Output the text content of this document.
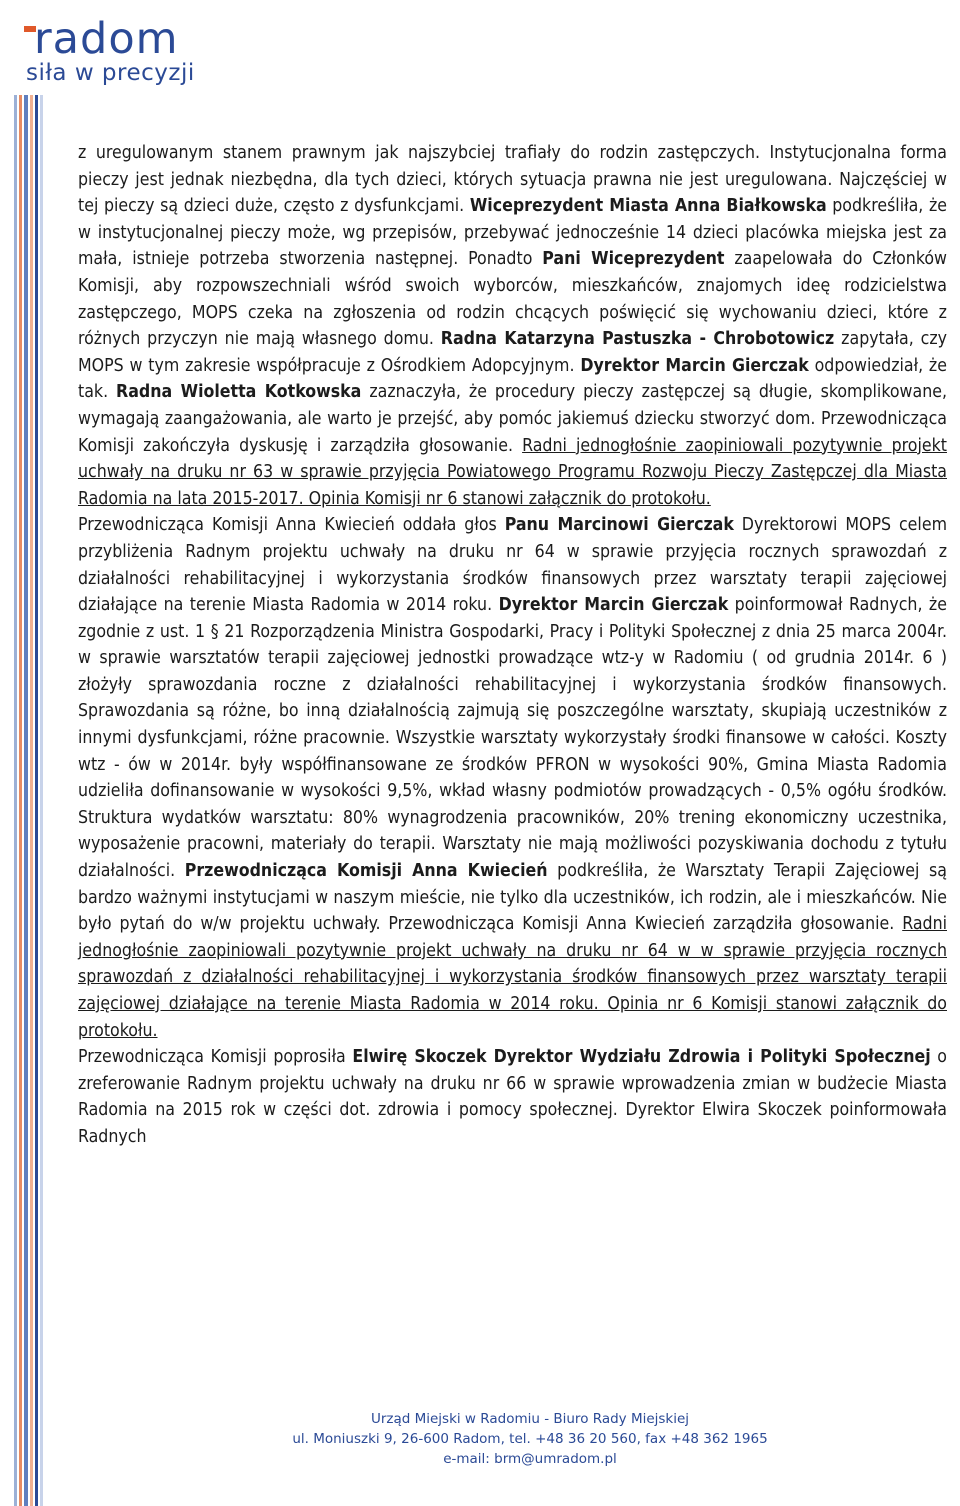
radom
siła w precyzji

z uregulowanym stanem prawnym jak najszybciej trafiały do rodzin zastępczych. Instytucjonalna forma pieczy jest jednak niezbędna, dla tych dzieci, których sytuacja prawna nie jest uregulowana. Najczęściej w tej pieczy są dzieci duże, często z dysfunkcjami. Wiceprezydent Miasta Anna Białkowska podkreśliła, że w instytucjonalnej pieczy może, wg przepisów, przebywać jednocześnie 14 dzieci placówka miejska jest za mała, istnieje potrzeba stworzenia następnej. Ponadto Pani Wiceprezydent zaapelowała do Członków Komisji, aby rozpowszechniali wśród swoich wyborców, mieszkańców, znajomych ideę rodzicielstwa zastępczego, MOPS czeka na zgłoszenia od rodzin chcących poświęcić się wychowaniu dzieci, które z różnych przyczyn nie mają własnego domu. Radna Katarzyna Pastuszka - Chrobotowicz zapytała, czy MOPS w tym zakresie współpracuje z Ośrodkiem Adopcyjnym. Dyrektor Marcin Gierczak odpowiedział, że tak. Radna Wioletta Kotkowska zaznaczyła, że procedury pieczy zastępczej są długie, skomplikowane, wymagają zaangażowania, ale warto je przejść, aby pomóc jakiemuś dziecku stworzyć dom. Przewodnicząca Komisji zakończyła dyskusję i zarządziła głosowanie. Radni jednogłośnie zaopiniowali pozytywnie projekt uchwały na druku nr 63 w sprawie przyjęcia Powiatowego Programu Rozwoju Pieczy Zastępczej dla Miasta Radomia na lata 2015-2017. Opinia Komisji nr 6 stanowi załącznik do protokołu.

Przewodnicząca Komisji Anna Kwiecień oddała głos Panu Marcinowi Gierczak Dyrektorowi MOPS celem przybliżenia Radnym projektu uchwały na druku nr 64 w sprawie przyjęcia rocznych sprawozdań z działalności rehabilitacyjnej i wykorzystania środków finansowych przez warsztaty terapii zajęciowej działające na terenie Miasta Radomia w 2014 roku. Dyrektor Marcin Gierczak poinformował Radnych, że zgodnie z ust. 1 § 21 Rozporządzenia Ministra Gospodarki, Pracy i Polityki Społecznej z dnia 25 marca 2004r. w sprawie warsztatów terapii zajęciowej jednostki prowadzące wtz-y w Radomiu ( od grudnia 2014r. 6 ) złożyły sprawozdania roczne z działalności rehabilitacyjnej i wykorzystania środków finansowych. Sprawozdania są różne, bo inną działalnością zajmują się poszczególne warsztaty, skupiają uczestników z innymi dysfunkcjami, różne pracownie. Wszystkie warsztaty wykorzystały środki finansowe w całości. Koszty wtz - ów w 2014r. były współfinansowane ze środków PFRON w wysokości 90%, Gmina Miasta Radomia udzieliła dofinansowanie w wysokości 9,5%, wkład własny podmiotów prowadzących - 0,5% ogółu środków. Struktura wydatków warsztatu: 80% wynagrodzenia pracowników, 20% trening ekonomiczny uczestnika, wyposażenie pracowni, materiały do terapii. Warsztaty nie mają możliwości pozyskiwania dochodu z tytułu działalności. Przewodnicząca Komisji Anna Kwiecień podkreśliła, że Warsztaty Terapii Zajęciowej są bardzo ważnymi instytucjami w naszym mieście, nie tylko dla uczestników, ich rodzin, ale i mieszkańców. Nie było pytań do w/w projektu uchwały. Przewodnicząca Komisji Anna Kwiecień zarządziła głosowanie. Radni jednogłośnie zaopiniowali pozytywnie projekt uchwały na druku nr 64 w w sprawie przyjęcia rocznych sprawozdań z działalności rehabilitacyjnej i wykorzystania środków finansowych przez warsztaty terapii zajęciowej działające na terenie Miasta Radomia w 2014 roku. Opinia nr 6 Komisji stanowi załącznik do protokołu.

Przewodnicząca Komisji poprosiła Elwirę Skoczek Dyrektor Wydziału Zdrowia i Polityki Społecznej o zreferowanie Radnym projektu uchwały na druku nr 66 w sprawie wprowadzenia zmian w budżecie Miasta Radomia na 2015 rok w części dot. zdrowia i pomocy społecznej. Dyrektor Elwira Skoczek poinformowała Radnych

Urząd Miejski w Radomiu - Biuro Rady Miejskiej
ul. Moniuszki 9, 26-600 Radom, tel. +48 36 20 560, fax +48 362 1965
e-mail: brm@umradom.pl
